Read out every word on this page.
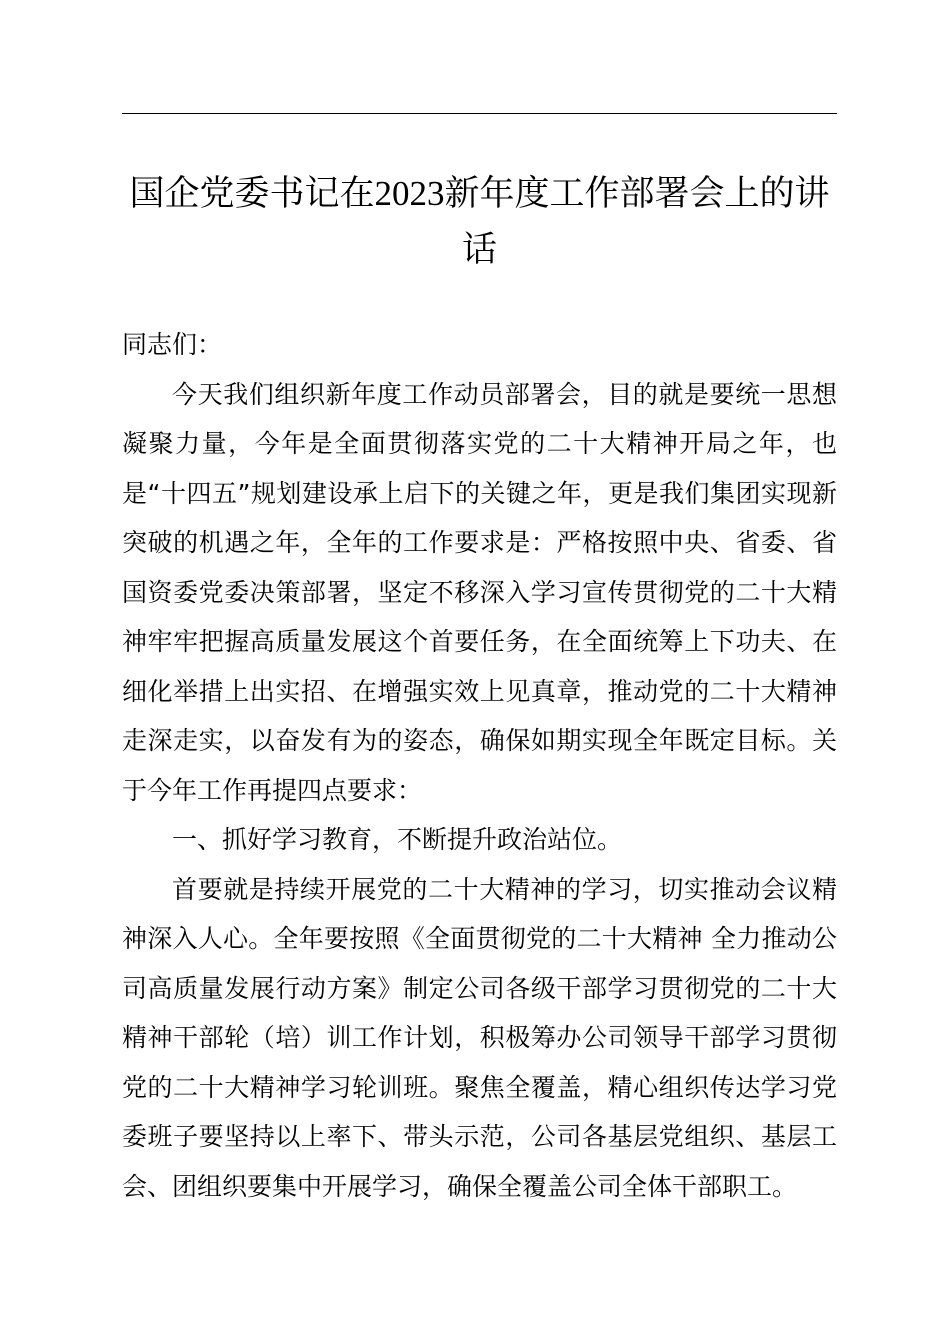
国企党委书记在2023新年度工作部署会上的讲话

同志们：

今天我们组织新年度工作动员部署会，目的就是要统一思想凝聚力量，今年是全面贯彻落实党的二十大精神开局之年，也是“十四五”规划建设承上启下的关键之年，更是我们集团实现新突破的机遇之年，全年的工作要求是：严格按照中央、省委、省国资委党委决策部署，坚定不移深入学习宣传贯彻党的二十大精神牢牢把握高质量发展这个首要任务，在全面统筹上下功夫、在细化举措上出实招、在增强实效上见真章，推动党的二十大精神走深走实，以奋发有为的姿态，确保如期实现全年既定目标。关于今年工作再提四点要求：

一、抓好学习教育，不断提升政治站位。

首要就是持续开展党的二十大精神的学习，切实推动会议精神深入人心。全年要按照《全面贯彻党的二十大精神 全力推动公司高质量发展行动方案》制定公司各级干部学习贯彻党的二十大精神干部轮（培）训工作计划，积极筹办公司领导干部学习贯彻党的二十大精神学习轮训班。聚焦全覆盖，精心组织传达学习党委班子要坚持以上率下、带头示范，公司各基层党组织、基层工会、团组织要集中开展学习，确保全覆盖公司全体干部职工。
